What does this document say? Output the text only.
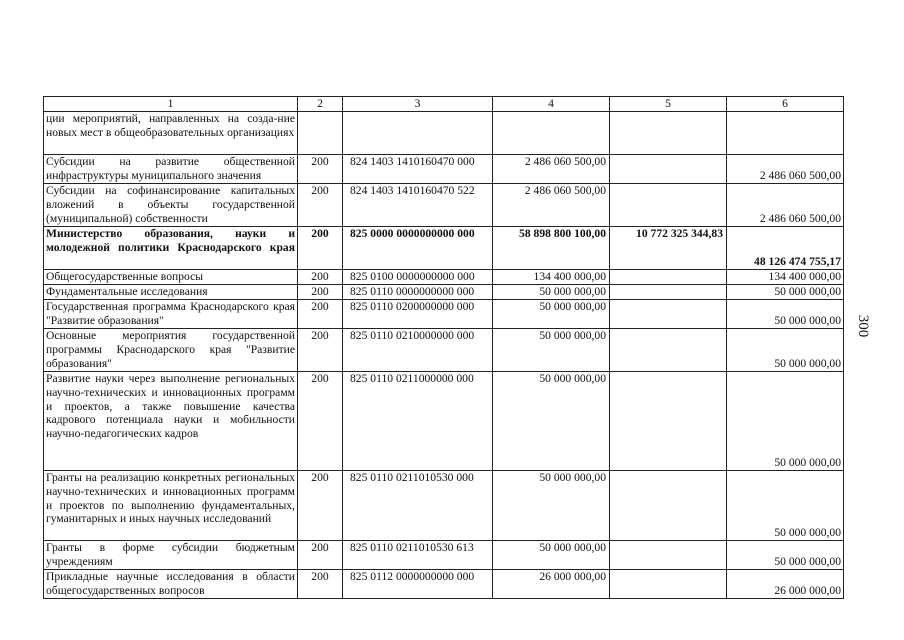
300
1	2	3	4	5	6
ции мероприятий, направленных на созда-ние новых мест в общеобразовательных организациях					
Субсидии на развитие общественной инфраструктуры муниципального значения	200	824 1403 1410160470 000	2 486 060 500,00		2 486 060 500,00
Субсидии на софинансирование капитальных вложений в объекты государственной (муниципальной) собственности	200	824 1403 1410160470 522	2 486 060 500,00		2 486 060 500,00
Министерство образования, науки и молодежной политики Краснодарского края	200	825 0000 0000000000 000	58 898 800 100,00	10 772 325 344,83	48 126 474 755,17
Общегосударственные вопросы	200	825 0100 0000000000 000	134 400 000,00		134 400 000,00
Фундаментальные исследования	200	825 0110 0000000000 000	50 000 000,00		50 000 000,00
Государственная программа Краснодарского края "Развитие образования"	200	825 0110 0200000000 000	50 000 000,00		50 000 000,00
Основные мероприятия государственной программы Краснодарского края "Развитие образования"	200	825 0110 0210000000 000	50 000 000,00		50 000 000,00
Развитие науки через выполнение региональных научно-технических и инновационных программ и проектов, а также повышение качества кадрового потенциала науки и мобильности научно-педагогических кадров	200	825 0110 0211000000 000	50 000 000,00		50 000 000,00
Гранты на реализацию конкретных региональных научно-технических и инновационных программ и проектов по выполнению фундаментальных, гуманитарных и иных научных исследований	200	825 0110 0211010530 000	50 000 000,00		50 000 000,00
Гранты в форме субсидии бюджетным учреждениям	200	825 0110 0211010530 613	50 000 000,00		50 000 000,00
Прикладные научные исследования в области общегосударственных вопросов	200	825 0112 0000000000 000	26 000 000,00		26 000 000,00
